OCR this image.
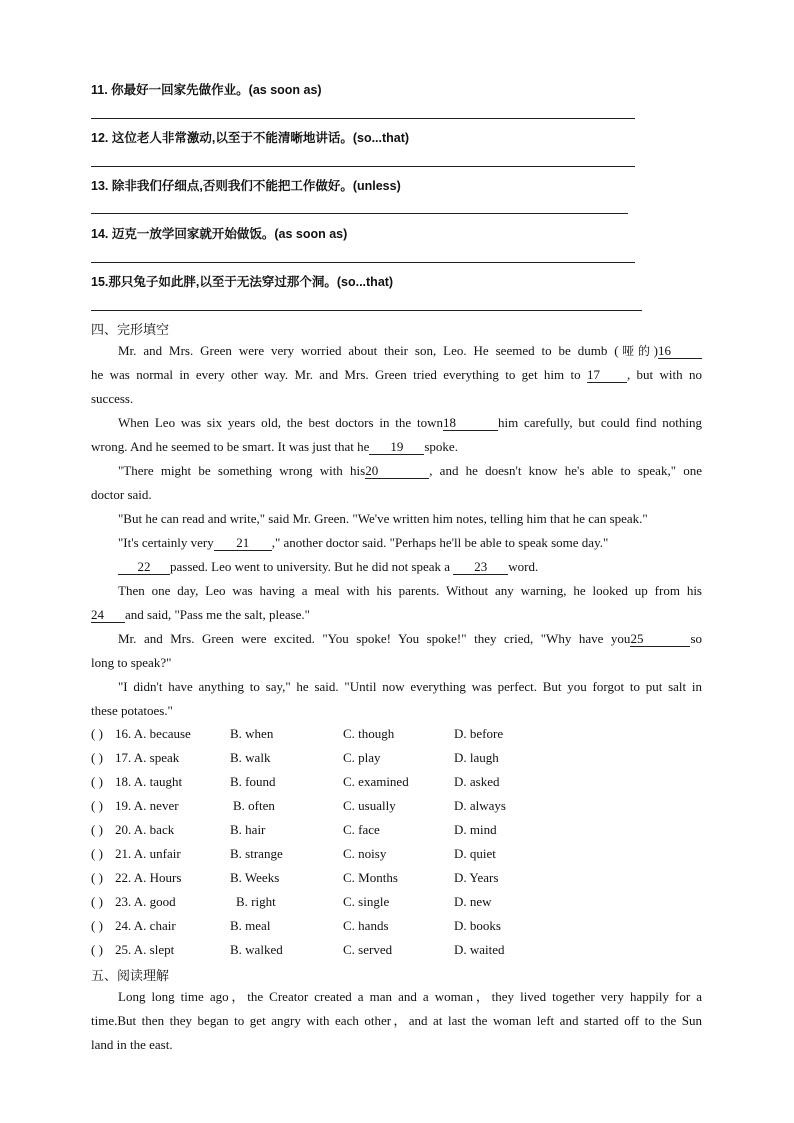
11. 你最好一回家先做作业。(as soon as)
12. 这位老人非常激动,以至于不能清晰地讲话。(so...that)
13. 除非我们仔细点,否则我们不能把工作做好。(unless)
14. 迈克一放学回家就开始做饭。(as soon as)
15.那只兔子如此胖,以至于无法穿过那个洞。(so...that)
四、完形填空
Mr. and Mrs. Green were very worried about their son, Leo. He seemed to be dumb (哑的)16
he was normal in every other way. Mr. and Mrs. Green tried everything to get him to 17 , but with no
success.
When Leo was six years old, the best doctors in the town18	him carefully, but could find nothing
wrong. And he seemed to be smart. It was just that he 19 spoke.
"There might be something wrong with his20	, and he doesn't know he's able to speak," one
doctor said.
"But he can read and write," said Mr. Green. "We've written him notes, telling him that he can speak."
"It's certainly very 21 ," another doctor said. "Perhaps he'll be able to speak some day."
22 passed. Leo went to university. But he did not speak a 23 word.
Then one day, Leo was having a meal with his parents. Without any warning, he looked up from his
24 and said, "Pass me the salt, please."
Mr. and Mrs. Green were excited. "You spoke! You spoke!" they cried, "Why have you25	so
long to speak?"
"I didn't have anything to say," he said. "Until now everything was perfect. But you forgot to put salt in
these potatoes."
( ) 16. A. because	B. when	C. though	D. before
( ) 17. A. speak	B. walk	C. play	D. laugh
( ) 18. A. taught	B. found	C. examined	D. asked
( ) 19. A. never	B. often	C. usually	D. always
( ) 20. A. back	B. hair	C. face	D. mind
( ) 21. A. unfair	B. strange	C. noisy	D. quiet
( ) 22. A. Hours	B. Weeks	C. Months	D. Years
( ) 23. A. good	B. right	C. single	D. new
( ) 24. A. chair	B. meal	C. hands	D. books
( ) 25. A. slept	B. walked	C. served	D. waited
五、阅读理解
Long long time ago，the Creator created a man and a woman，they lived together very happily for a
time.But then they began to get angry with each other，and at last the woman left and started off to the Sun
land in the east.
